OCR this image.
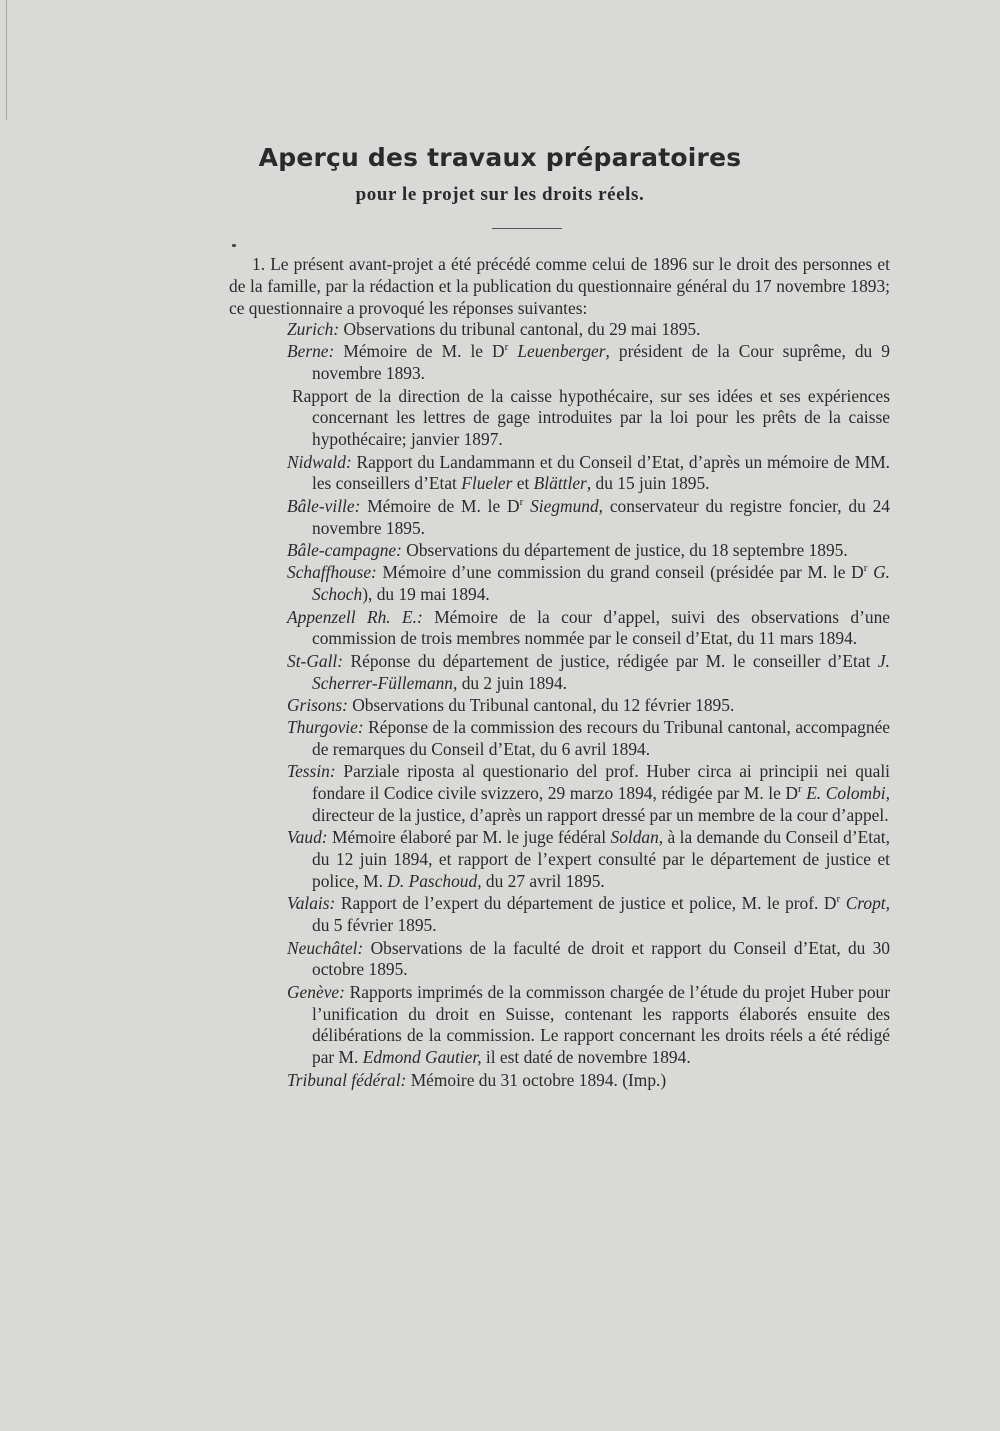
Aperçu des travaux préparatoires
pour le projet sur les droits réels.

1. Le présent avant-projet a été précédé comme celui de 1896 sur le droit des personnes et de la famille, par la rédaction et la publication du questionnaire général du 17 novembre 1893; ce questionnaire a provoqué les réponses suivantes:

Zurich: Observations du tribunal cantonal, du 29 mai 1895.
Berne: Mémoire de M. le $D^r$ Leuenberger, président de la Cour suprême, du 9 novembre 1893.
Rapport de la direction de la caisse hypothécaire, sur ses idées et ses expériences concernant les lettres de gage introduites par la loi pour les prêts de la caisse hypothécaire; janvier 1897.
Nidwald: Rapport du Landammann et du Conseil d’Etat, d’après un mémoire de MM. les conseillers d’Etat Flueler et Blättler, du 15 juin 1895.
Bâle-ville: Mémoire de M. le $D^r$ Siegmund, conservateur du registre foncier, du 24 novembre 1895.
Bâle-campagne: Observations du département de justice, du 18 septembre 1895.
Schaffhouse: Mémoire d’une commission du grand conseil (présidée par M. le $D^r$ G. Schoch), du 19 mai 1894.
Appenzell Rh. E.: Mémoire de la cour d’appel, suivi des observations d’une commission de trois membres nommée par le conseil d’Etat, du 11 mars 1894.
St-Gall: Réponse du département de justice, rédigée par M. le conseiller d’Etat J. Scherrer-Füllemann, du 2 juin 1894.
Grisons: Observations du Tribunal cantonal, du 12 février 1895.
Thurgovie: Réponse de la commission des recours du Tribunal cantonal, accompagnée de remarques du Conseil d’Etat, du 6 avril 1894.
Tessin: Parziale riposta al questionario del prof. Huber circa ai principii nei quali fondare il Codice civile svizzero, 29 marzo 1894, rédigée par M. le $D^r$ E. Colombi, directeur de la justice, d’après un rapport dressé par un membre de la cour d’appel.
Vaud: Mémoire élaboré par M. le juge fédéral Soldan, à la demande du Conseil d’Etat, du 12 juin 1894, et rapport de l’expert consulté par le département de justice et police, M. D. Paschoud, du 27 avril 1895.
Valais: Rapport de l’expert du département de justice et police, M. le prof. $D^r$ Cropt, du 5 février 1895.
Neuchâtel: Observations de la faculté de droit et rapport du Conseil d’Etat, du 30 octobre 1895.
Genève: Rapports imprimés de la commisson chargée de l’étude du projet Huber pour l’unification du droit en Suisse, contenant les rapports élaborés ensuite des délibérations de la commission. Le rapport concernant les droits réels a été rédigé par M. Edmond Gautier, il est daté de novembre 1894.
Tribunal fédéral: Mémoire du 31 octobre 1894. (Imp.)
